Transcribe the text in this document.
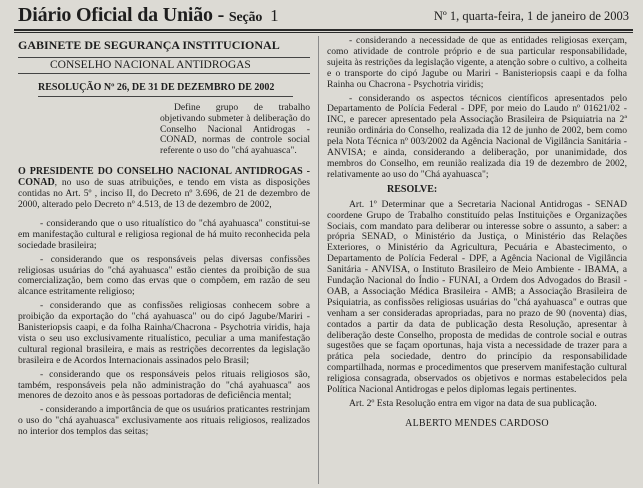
Diário Oficial da União - Seção 1	Nº 1, quarta-feira, 1 de janeiro de 2003
GABINETE DE SEGURANÇA INSTITUCIONAL
CONSELHO NACIONAL ANTIDROGAS
RESOLUÇÃO Nº 26, DE 31 DE DEZEMBRO DE 2002
Define grupo de trabalho objetivando submeter à deliberação do Conselho Nacional Antidrogas - CONAD, normas de controle social referente o uso do "chá ayahuasca".
O PRESIDENTE DO CONSELHO NACIONAL ANTIDROGAS - CONAD, no uso de suas atribuições, e tendo em vista as disposições contidas no Art. 5º , inciso II, do Decreto nº 3.696, de 21 de dezembro de 2000, alterado pelo Decreto nº 4.513, de 13 de dezembro de 2002,

- considerando que o uso ritualístico do "chá ayahuasca" constitui-se em manifestação cultural e religiosa regional de há muito reconhecida pela sociedade brasileira;

- considerando que os responsáveis pelas diversas confissões religiosas usuárias do "chá ayahuasca" estão cientes da proibição de sua comercialização, bem como das ervas que o compõem, em razão de seu alcance estritamente religioso;

- considerando que as confissões religiosas conhecem sobre a proibição da exportação do "chá ayahuasca" ou do cipó Jagube/Mariri - Banisteriopsis caapi, e da folha Rainha/Chacrona - Psychotria viridis, haja vista o seu uso exclusivamente ritualístico, peculiar a uma manifestação cultural regional brasileira, e mais as restrições decorrentes da legislação brasileira e de Acordos Internacionais assinados pelo Brasil;

- considerando que os responsáveis pelos rituais religiosos são, também, responsáveis pela não administração do "chá ayahuasca" aos menores de dezoito anos e às pessoas portadoras de deficiência mental;

- considerando a importância de que os usuários praticantes restrinjam o uso do "chá ayahuasca" exclusivamente aos rituais religiosos, realizados no interior dos templos das seitas;

- considerando a necessidade de que as entidades religiosas exerçam, como atividade de controle próprio e de sua particular responsabilidade, sujeita às restrições da legislação vigente, a atenção sobre o cultivo, a colheita e o transporte do cipó Jagube ou Mariri - Banisteriopsis caapi e da folha Rainha ou Chacrona - Psychotria viridis;

- considerando os aspectos técnicos científicos apresentados pelo Departamento de Polícia Federal - DPF, por meio do Laudo nº 01621/02 - INC, e parecer apresentado pela Associação Brasileira de Psiquiatria na 2ª reunião ordinária do Conselho, realizada dia 12 de junho de 2002, bem como pela Nota Técnica nº 003/2002 da Agência Nacional de Vigilância Sanitária - ANVISA; e ainda, considerando a deliberação, por unanimidade, dos membros do Conselho, em reunião realizada dia 19 de dezembro de 2002, relativamente ao uso do "Chá ayahuasca";

RESOLVE:

Art. 1º Determinar que a Secretaria Nacional Antidrogas - SENAD coordene Grupo de Trabalho constituído pelas Instituições e Organizações Sociais, com mandato para deliberar ou interesse sobre o assunto, a saber: a própria SENAD, o Ministério da Justiça, o Ministério das Relações Exteriores, o Ministério da Agricultura, Pecuária e Abastecimento, o Departamento de Polícia Federal - DPF, a Agência Nacional de Vigilância Sanitária - ANVISA, o Instituto Brasileiro de Meio Ambiente - IBAMA, a Fundação Nacional do Índio - FUNAI, a Ordem dos Advogados do Brasil - OAB, a Associação Médica Brasileira - AMB; a Associação Brasileira de Psiquiatria, as confissões religiosas usuárias do "chá ayahuasca" e outras que venham a ser consideradas apropriadas, para no prazo de 90 (noventa) dias, contados a partir da data de publicação desta Resolução, apresentar à deliberação deste Conselho, proposta de medidas de controle social e outras sugestões que se façam oportunas, haja vista a necessidade de trazer para a prática pela sociedade, dentro do princípio da responsabilidade compartilhada, normas e procedimentos que preservem manifestação cultural religiosa consagrada, observados os objetivos e normas estabelecidos pela Política Nacional Antidrogas e pelos diplomas legais pertinentes.

Art. 2º Esta Resolução entra em vigor na data de sua publicação.

ALBERTO MENDES CARDOSO
